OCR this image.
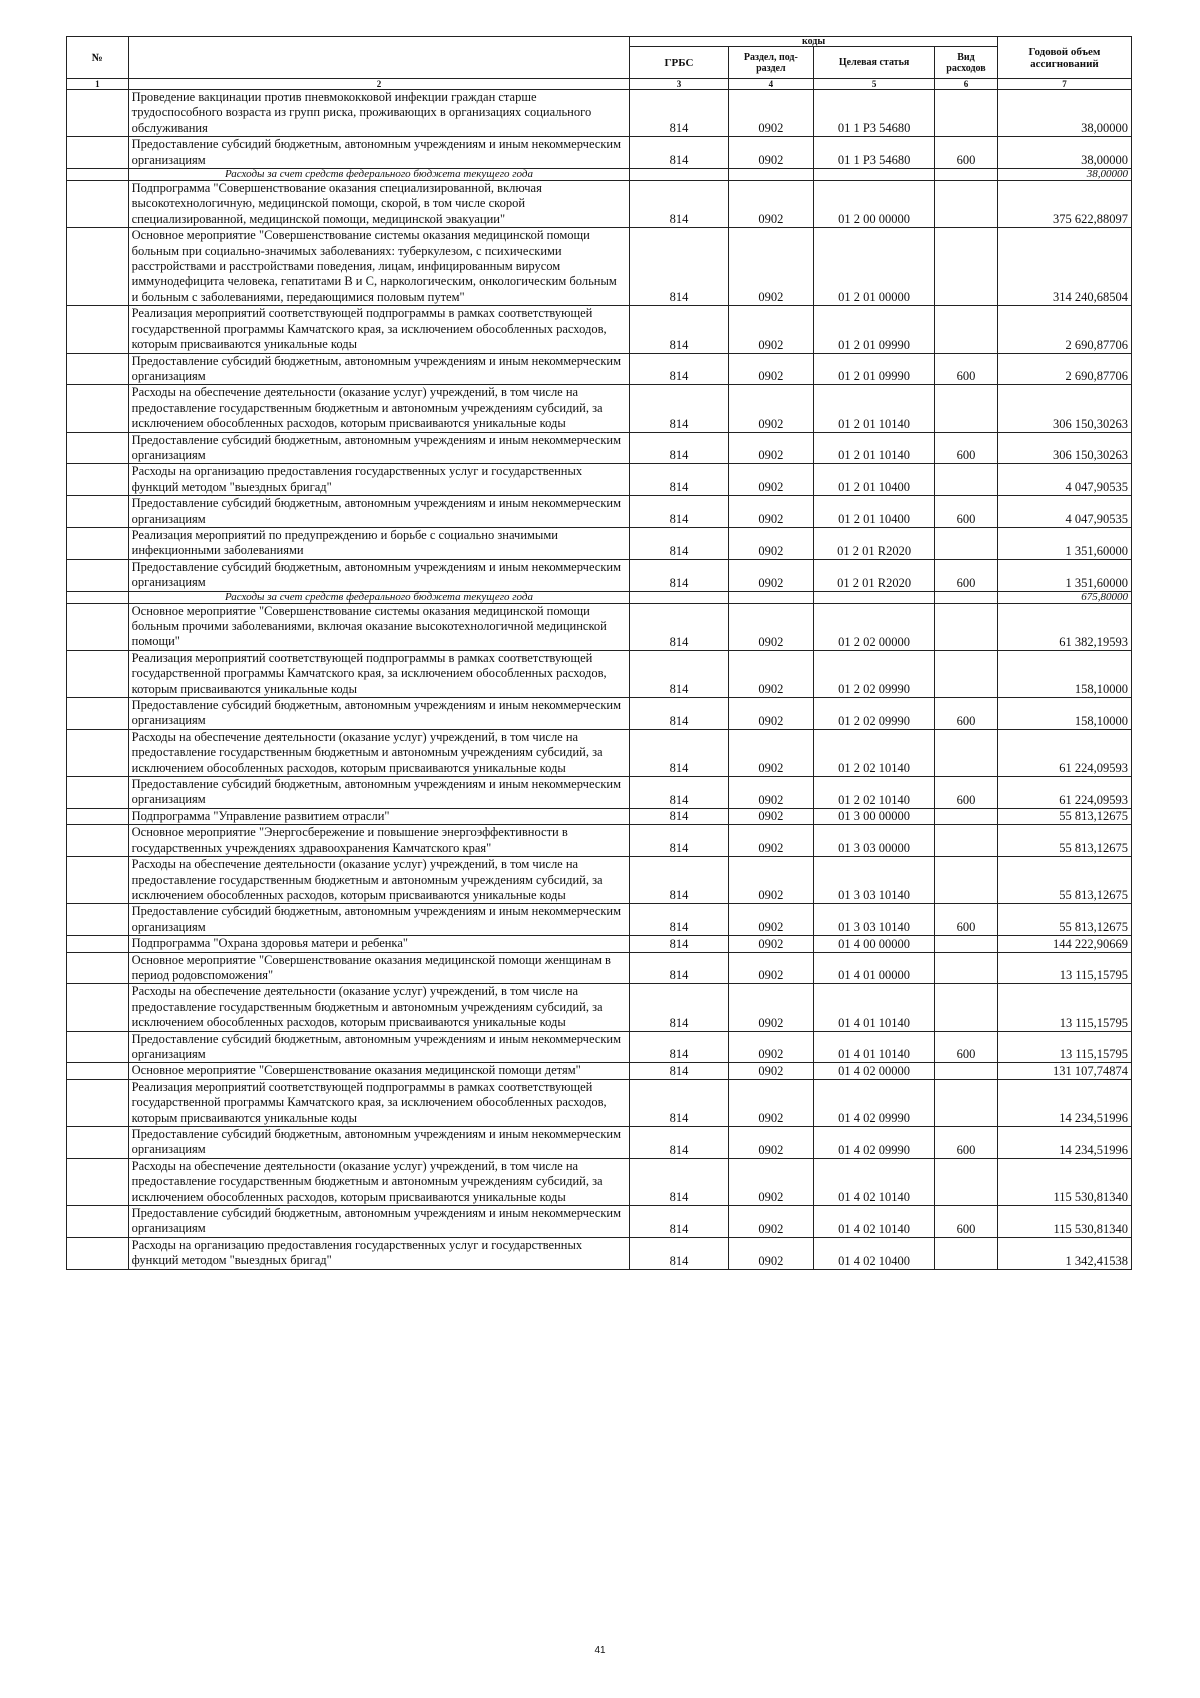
№		коды				Годовой объем ассигнований
		ГРБС	Раздел, под-раздел	Целевая статья	Вид расходов	
1	2	3	4	5	6	7
	Проведение вакцинации против пневмококковой инфекции граждан старше трудоспособного возраста из групп риска, проживающих в организациях социального обслуживания	814	0902	01 1 Р3 54680		38,00000
	Предоставление субсидий бюджетным, автономным учреждениям и иным некоммерческим организациям	814	0902	01 1 Р3 54680	600	38,00000
	Расходы за счет средств федерального бюджета текущего года					38,00000
	Подпрограмма "Совершенствование оказания специализированной, включая высокотехнологичную, медицинской помощи, скорой, в том числе скорой специализированной, медицинской помощи, медицинской эвакуации"	814	0902	01 2 00 00000		375 622,88097
	Основное мероприятие "Совершенствование системы оказания медицинской помощи больным при социально-значимых заболеваниях: туберкулезом, с психическими расстройствами и расстройствами поведения, лицам, инфицированным вирусом иммунодефицита человека, гепатитами В и С, наркологическим, онкологическим больным и больным с заболеваниями, передающимися половым путем"	814	0902	01 2 01 00000		314 240,68504
	Реализация мероприятий соответствующей подпрограммы в рамках соответствующей государственной программы Камчатского края, за исключением обособленных расходов, которым присваиваются уникальные коды	814	0902	01 2 01 09990		2 690,87706
	Предоставление субсидий бюджетным, автономным учреждениям и иным некоммерческим организациям	814	0902	01 2 01 09990	600	2 690,87706
	Расходы на обеспечение деятельности (оказание услуг) учреждений, в том числе на предоставление государственным бюджетным и автономным учреждениям субсидий, за исключением обособленных расходов, которым присваиваются уникальные коды	814	0902	01 2 01 10140		306 150,30263
	Предоставление субсидий бюджетным, автономным учреждениям и иным некоммерческим организациям	814	0902	01 2 01 10140	600	306 150,30263
	Расходы на организацию предоставления государственных услуг и государственных функций методом "выездных бригад"	814	0902	01 2 01 10400		4 047,90535
	Предоставление субсидий бюджетным, автономным учреждениям и иным некоммерческим организациям	814	0902	01 2 01 10400	600	4 047,90535
	Реализация мероприятий по предупреждению и борьбе с социально значимыми инфекционными заболеваниями	814	0902	01 2 01 R2020		1 351,60000
	Предоставление субсидий бюджетным, автономным учреждениям и иным некоммерческим организациям	814	0902	01 2 01 R2020	600	1 351,60000
	Расходы за счет средств федерального бюджета текущего года					675,80000
	Основное мероприятие "Совершенствование системы оказания медицинской помощи больным прочими заболеваниями, включая оказание высокотехнологичной медицинской помощи"	814	0902	01 2 02 00000		61 382,19593
	Реализация мероприятий соответствующей подпрограммы в рамках соответствующей государственной программы Камчатского края, за исключением обособленных расходов, которым присваиваются уникальные коды	814	0902	01 2 02 09990		158,10000
	Предоставление субсидий бюджетным, автономным учреждениям и иным некоммерческим организациям	814	0902	01 2 02 09990	600	158,10000
	Расходы на обеспечение деятельности (оказание услуг) учреждений, в том числе на предоставление государственным бюджетным и автономным учреждениям субсидий, за исключением обособленных расходов, которым присваиваются уникальные коды	814	0902	01 2 02 10140		61 224,09593
	Предоставление субсидий бюджетным, автономным учреждениям и иным некоммерческим организациям	814	0902	01 2 02 10140	600	61 224,09593
	Подпрограмма "Управление развитием отрасли"	814	0902	01 3 00 00000		55 813,12675
	Основное мероприятие "Энергосбережение и повышение энергоэффективности в государственных учреждениях здравоохранения Камчатского края"	814	0902	01 3 03 00000		55 813,12675
	Расходы на обеспечение деятельности (оказание услуг) учреждений, в том числе на предоставление государственным бюджетным и автономным учреждениям субсидий, за исключением обособленных расходов, которым присваиваются уникальные коды	814	0902	01 3 03 10140		55 813,12675
	Предоставление субсидий бюджетным, автономным учреждениям и иным некоммерческим организациям	814	0902	01 3 03 10140	600	55 813,12675
	Подпрограмма "Охрана здоровья матери и ребенка"	814	0902	01 4 00 00000		144 222,90669
	Основное мероприятие "Совершенствование оказания медицинской помощи женщинам в период родовспоможения"	814	0902	01 4 01 00000		13 115,15795
	Расходы на обеспечение деятельности (оказание услуг) учреждений, в том числе на предоставление государственным бюджетным и автономным учреждениям субсидий, за исключением обособленных расходов, которым присваиваются уникальные коды	814	0902	01 4 01 10140		13 115,15795
	Предоставление субсидий бюджетным, автономным учреждениям и иным некоммерческим организациям	814	0902	01 4 01 10140	600	13 115,15795
	Основное мероприятие "Совершенствование оказания медицинской помощи детям"	814	0902	01 4 02 00000		131 107,74874
	Реализация мероприятий соответствующей подпрограммы в рамках соответствующей государственной программы Камчатского края, за исключением обособленных расходов, которым присваиваются уникальные коды	814	0902	01 4 02 09990		14 234,51996
	Предоставление субсидий бюджетным, автономным учреждениям и иным некоммерческим организациям	814	0902	01 4 02 09990	600	14 234,51996
	Расходы на обеспечение деятельности (оказание услуг) учреждений, в том числе на предоставление государственным бюджетным и автономным учреждениям субсидий, за исключением обособленных расходов, которым присваиваются уникальные коды	814	0902	01 4 02 10140		115 530,81340
	Предоставление субсидий бюджетным, автономным учреждениям и иным некоммерческим организациям	814	0902	01 4 02 10140	600	115 530,81340
	Расходы на организацию предоставления государственных услуг и государственных функций методом "выездных бригад"	814	0902	01 4 02 10400		1 342,41538
41
